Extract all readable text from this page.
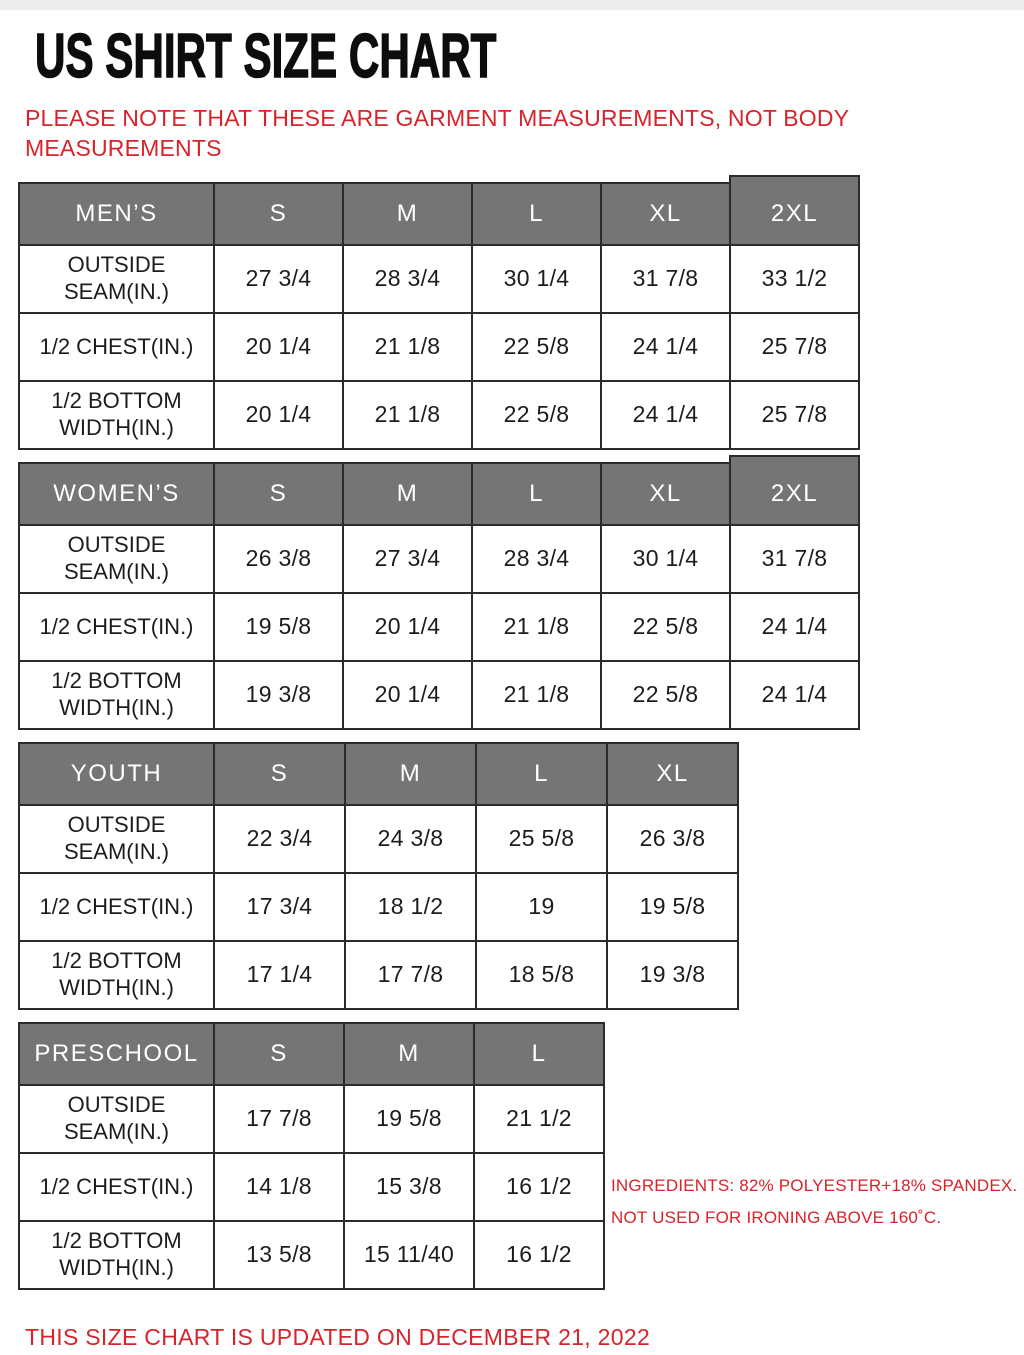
US SHIRT SIZE CHART

PLEASE NOTE THAT THESE ARE GARMENT MEASUREMENTS, NOT BODY MEASUREMENTS

MEN’S	S	M	L	XL	2XL
OUTSIDE SEAM(IN.)	27 3/4	28 3/4	30 1/4	31 7/8	33 1/2
1/2 CHEST(IN.)	20 1/4	21 1/8	22 5/8	24 1/4	25 7/8
1/2 BOTTOM WIDTH(IN.)	20 1/4	21 1/8	22 5/8	24 1/4	25 7/8
WOMEN’S	S	M	L	XL	2XL
OUTSIDE SEAM(IN.)	26 3/8	27 3/4	28 3/4	30 1/4	31 7/8
1/2 CHEST(IN.)	19 5/8	20 1/4	21 1/8	22 5/8	24 1/4
1/2 BOTTOM WIDTH(IN.)	19 3/8	20 1/4	21 1/8	22 5/8	24 1/4
YOUTH	S	M	L	XL
OUTSIDE SEAM(IN.)	22 3/4	24 3/8	25 5/8	26 3/8
1/2 CHEST(IN.)	17 3/4	18 1/2	19	19 5/8
1/2 BOTTOM WIDTH(IN.)	17 1/4	17 7/8	18 5/8	19 3/8
PRESCHOOL	S	M	L
OUTSIDE SEAM(IN.)	17 7/8	19 5/8	21 1/2
1/2 CHEST(IN.)	14 1/8	15 3/8	16 1/2
1/2 BOTTOM WIDTH(IN.)	13 5/8	15 11/40	16 1/2
INGREDIENTS: 82% POLYESTER+18% SPANDEX.
NOT USED FOR IRONING ABOVE 160˚C.
THIS SIZE CHART IS UPDATED ON DECEMBER 21, 2022
